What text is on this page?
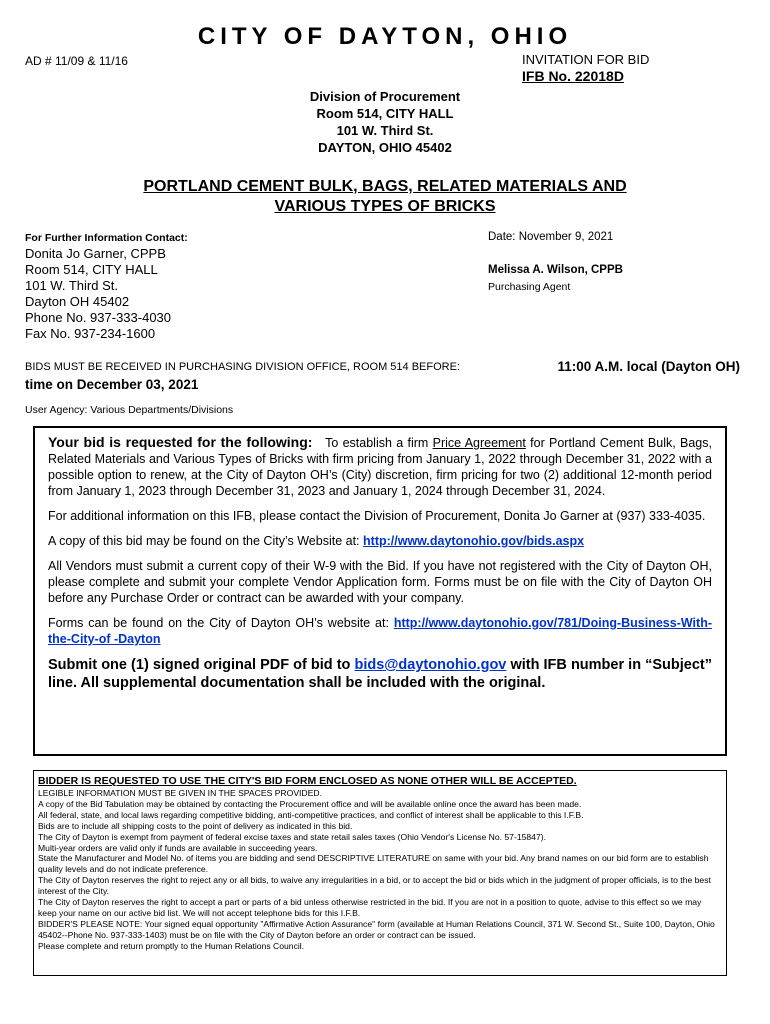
CITY OF DAYTON, OHIO
AD # 11/09 & 11/16	INVITATION FOR BID
IFB No. 22018D
Division of Procurement
Room 514, CITY HALL
101 W. Third St.
DAYTON, OHIO 45402
PORTLAND CEMENT BULK, BAGS, RELATED MATERIALS AND
VARIOUS TYPES OF BRICKS
For Further Information Contact:
Donita Jo Garner, CPPB
Room 514, CITY HALL
101 W. Third St.
Dayton OH 45402
Phone No. 937-333-4030
Fax No. 937-234-1600
Date: November 9, 2021
Melissa A. Wilson, CPPB
Purchasing Agent
BIDS MUST BE RECEIVED IN PURCHASING DIVISION OFFICE, ROOM 514 BEFORE:	11:00 A.M. local (Dayton OH)
time on December 03, 2021
User Agency: Various Departments/Divisions

Your bid is requested for the following: To establish a firm Price Agreement for Portland Cement Bulk, Bags, Related Materials and Various Types of Bricks with firm pricing from January 1, 2022 through December 31, 2022 with a possible option to renew, at the City of Dayton OH’s (City) discretion, firm pricing for two (2) additional 12-month period from January 1, 2023 through December 31, 2023 and January 1, 2024 through December 31, 2024.

For additional information on this IFB, please contact the Division of Procurement, Donita Jo Garner at (937) 333-4035.

A copy of this bid may be found on the City’s Website at: http://www.daytonohio.gov/bids.aspx

All Vendors must submit a current copy of their W-9 with the Bid. If you have not registered with the City of Dayton OH, please complete and submit your complete Vendor Application form. Forms must be on file with the City of Dayton OH before any Purchase Order or contract can be awarded with your company.

Forms can be found on the City of Dayton OH’s website at: http://www.daytonohio.gov/781/Doing-Business-With-the-City-of -Dayton

Submit one (1) signed original PDF of bid to bids@daytonohio.gov with IFB number in “Subject” line. All supplemental documentation shall be included with the original.

BIDDER IS REQUESTED TO USE THE CITY'S BID FORM ENCLOSED AS NONE OTHER WILL BE ACCEPTED.
LEGIBLE INFORMATION MUST BE GIVEN IN THE SPACES PROVIDED.
A copy of the Bid Tabulation may be obtained by contacting the Procurement office and will be available online once the award has been made.
All federal, state, and local laws regarding competitive bidding, anti-competitive practices, and conflict of interest shall be applicable to this I.F.B.
Bids are to include all shipping costs to the point of delivery as indicated in this bid.
The City of Dayton is exempt from payment of federal excise taxes and state retail sales taxes (Ohio Vendor's License No. 57-15847).
Multi-year orders are valid only if funds are available in succeeding years.
State the Manufacturer and Model No. of items you are bidding and send DESCRIPTIVE LITERATURE on same with your bid. Any brand names on our bid form are to establish quality levels and do not indicate preference.
The City of Dayton reserves the right to reject any or all bids, to waive any irregularities in a bid, or to accept the bid or bids which in the judgment of proper officials, is to the best interest of the City.
The City of Dayton reserves the right to accept a part or parts of a bid unless otherwise restricted in the bid. If you are not in a position to quote, advise to this effect so we may keep your name on our active bid list. We will not accept telephone bids for this I.F.B.
BIDDER'S PLEASE NOTE: Your signed equal opportunity "Affirmative Action Assurance" form (available at Human Relations Council, 371 W. Second St., Suite 100, Dayton, Ohio 45402--Phone No. 937-333-1403) must be on file with the City of Dayton before an order or contract can be issued.
Please complete and return promptly to the Human Relations Council.
